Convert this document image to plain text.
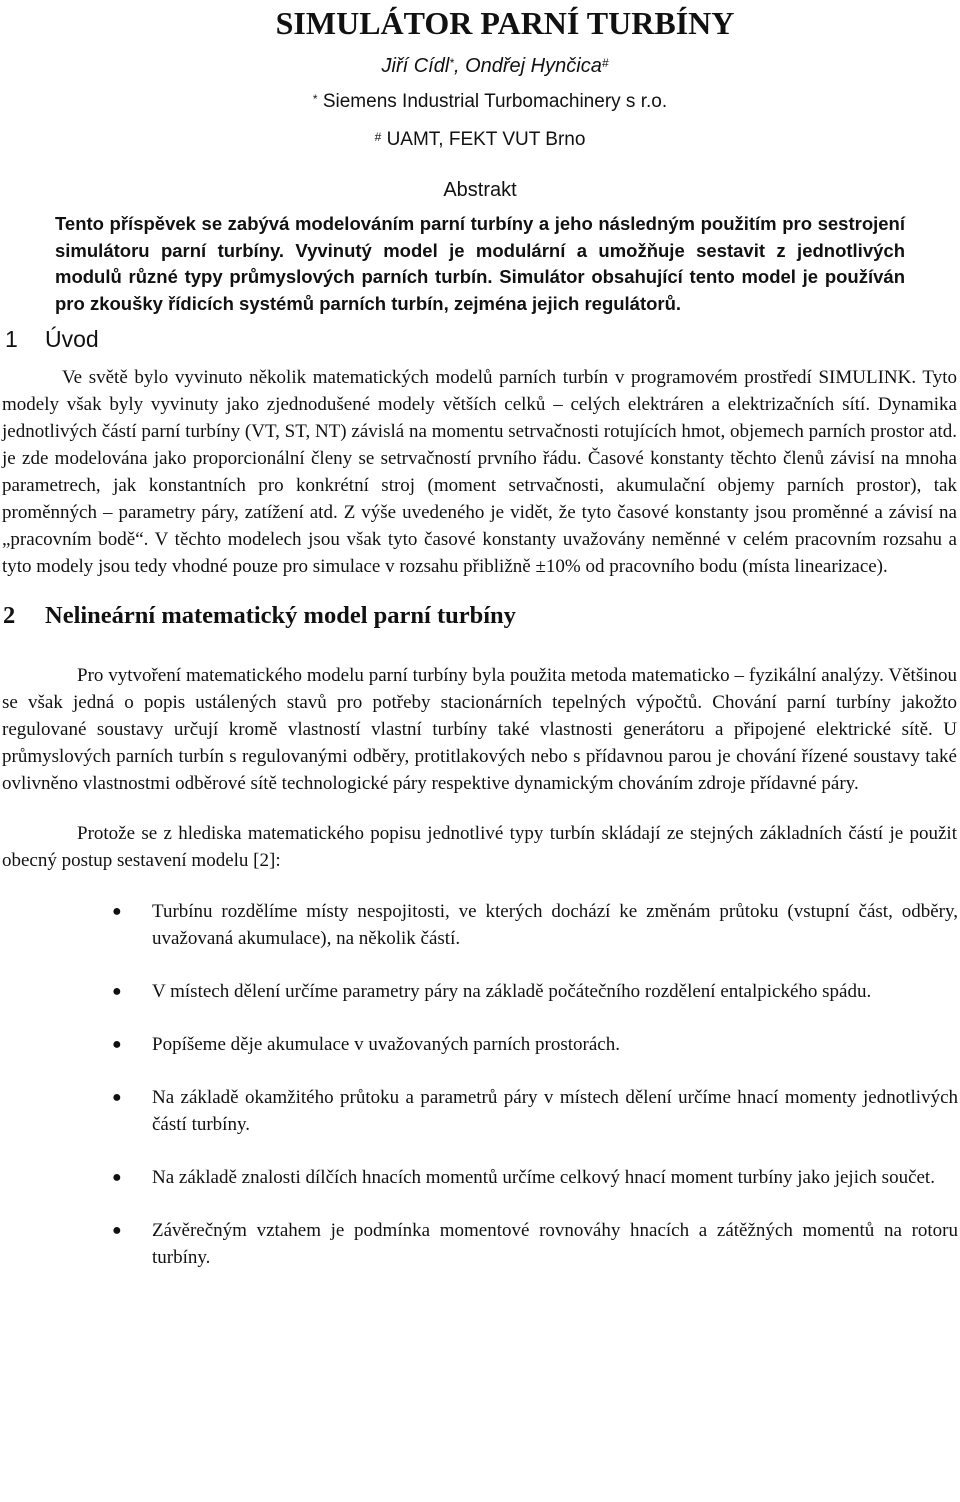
SIMULÁTOR PARNÍ TURBÍNY
Jiří Cídl*, Ondřej Hynčica#
* Siemens Industrial Turbomachinery s r.o.
# UAMT, FEKT VUT Brno
Abstrakt
Tento příspěvek se zabývá modelováním parní turbíny a jeho následným použitím pro sestrojení simulátoru parní turbíny. Vyvinutý model je modulární a umožňuje sestavit z jednotlivých modulů různé typy průmyslových parních turbín. Simulátor obsahující tento model je používán pro zkoušky řídicích systémů parních turbín, zejména jejich regulátorů.
1 Úvod

Ve světě bylo vyvinuto několik matematických modelů parních turbín v programovém prostředí SIMULINK. Tyto modely však byly vyvinuty jako zjednodušené modely větších celků – celých elektráren a elektrizačních sítí. Dynamika jednotlivých částí parní turbíny (VT, ST, NT) závislá na momentu setrvačnosti rotujících hmot, objemech parních prostor atd. je zde modelována jako proporcionální členy se setrvačností prvního řádu. Časové konstanty těchto členů závisí na mnoha parametrech, jak konstantních pro konkrétní stroj (moment setrvačnosti, akumulační objemy parních prostor), tak proměnných – parametry páry, zatížení atd. Z výše uvedeného je vidět, že tyto časové konstanty jsou proměnné a závisí na „pracovním bodě“. V těchto modelech jsou však tyto časové konstanty uvažovány neměnné v celém pracovním rozsahu a tyto modely jsou tedy vhodné pouze pro simulace v rozsahu přibližně ±10% od pracovního bodu (místa linearizace).

2 Nelineární matematický model parní turbíny

Pro vytvoření matematického modelu parní turbíny byla použita metoda matematicko – fyzikální analýzy. Většinou se však jedná o popis ustálených stavů pro potřeby stacionárních tepelných výpočtů. Chování parní turbíny jakožto regulované soustavy určují kromě vlastností vlastní turbíny také vlastnosti generátoru a připojené elektrické sítě. U průmyslových parních turbín s regulovanými odběry, protitlakových nebo s přídavnou parou je chování řízené soustavy také ovlivněno vlastnostmi odběrové sítě technologické páry respektive dynamickým chováním zdroje přídavné páry.

Protože se z hlediska matematického popisu jednotlivé typy turbín skládají ze stejných základních částí je použit obecný postup sestavení modelu [2]:

● Turbínu rozdělíme místy nespojitosti, ve kterých dochází ke změnám průtoku (vstupní část, odběry, uvažovaná akumulace), na několik částí.
● V místech dělení určíme parametry páry na základě počátečního rozdělení entalpického spádu.
● Popíšeme děje akumulace v uvažovaných parních prostorách.
● Na základě okamžitého průtoku a parametrů páry v místech dělení určíme hnací momenty jednotlivých částí turbíny.
● Na základě znalosti dílčích hnacích momentů určíme celkový hnací moment turbíny jako jejich součet.
● Závěrečným vztahem je podmínka momentové rovnováhy hnacích a zátěžných momentů na rotoru turbíny.
